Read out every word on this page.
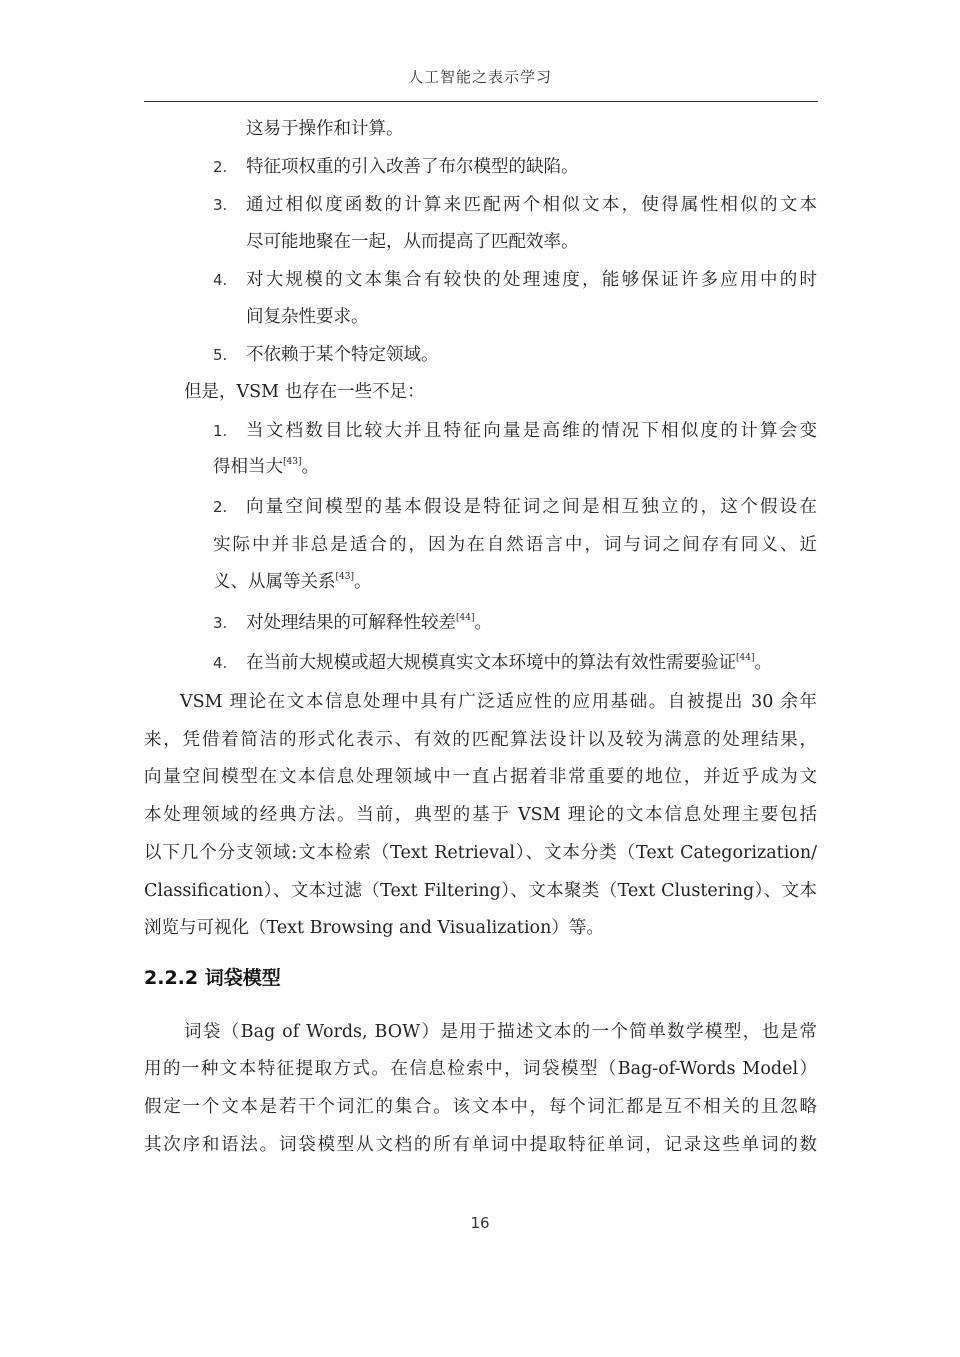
人工智能之表示学习
这易于操作和计算。
2. 特征项权重的引入改善了布尔模型的缺陷。
3. 通过相似度函数的计算来匹配两个相似文本，使得属性相似的文本
尽可能地聚在一起，从而提高了匹配效率。
4. 对大规模的文本集合有较快的处理速度，能够保证许多应用中的时
间复杂性要求。
5. 不依赖于某个特定领域。
但是，VSM 也存在一些不足：
1. 当文档数目比较大并且特征向量是高维的情况下相似度的计算会变
得相当大[43]。
2. 向量空间模型的基本假设是特征词之间是相互独立的，这个假设在
实际中并非总是适合的，因为在自然语言中，词与词之间存有同义、近
义、从属等关系[43]。
3. 对处理结果的可解释性较差[44]。
4. 在当前大规模或超大规模真实文本环境中的算法有效性需要验证[44]。
VSM 理论在文本信息处理中具有广泛适应性的应用基础。自被提出 30 余年
来，凭借着简洁的形式化表示、有效的匹配算法设计以及较为满意的处理结果，
向量空间模型在文本信息处理领域中一直占据着非常重要的地位，并近乎成为文
本处理领域的经典方法。当前，典型的基于 VSM 理论的文本信息处理主要包括
以下几个分支领域:文本检索（Text Retrieval）、文本分类（Text Categorization/
Classification）、文本过滤（Text Filtering）、文本聚类（Text Clustering）、文本
浏览与可视化（Text Browsing and Visualization）等。
2.2.2 词袋模型
词袋（Bag of Words, BOW）是用于描述文本的一个简单数学模型，也是常
用的一种文本特征提取方式。在信息检索中，词袋模型（Bag-of-Words Model）
假定一个文本是若干个词汇的集合。该文本中，每个词汇都是互不相关的且忽略
其次序和语法。词袋模型从文档的所有单词中提取特征单词，记录这些单词的数
16
